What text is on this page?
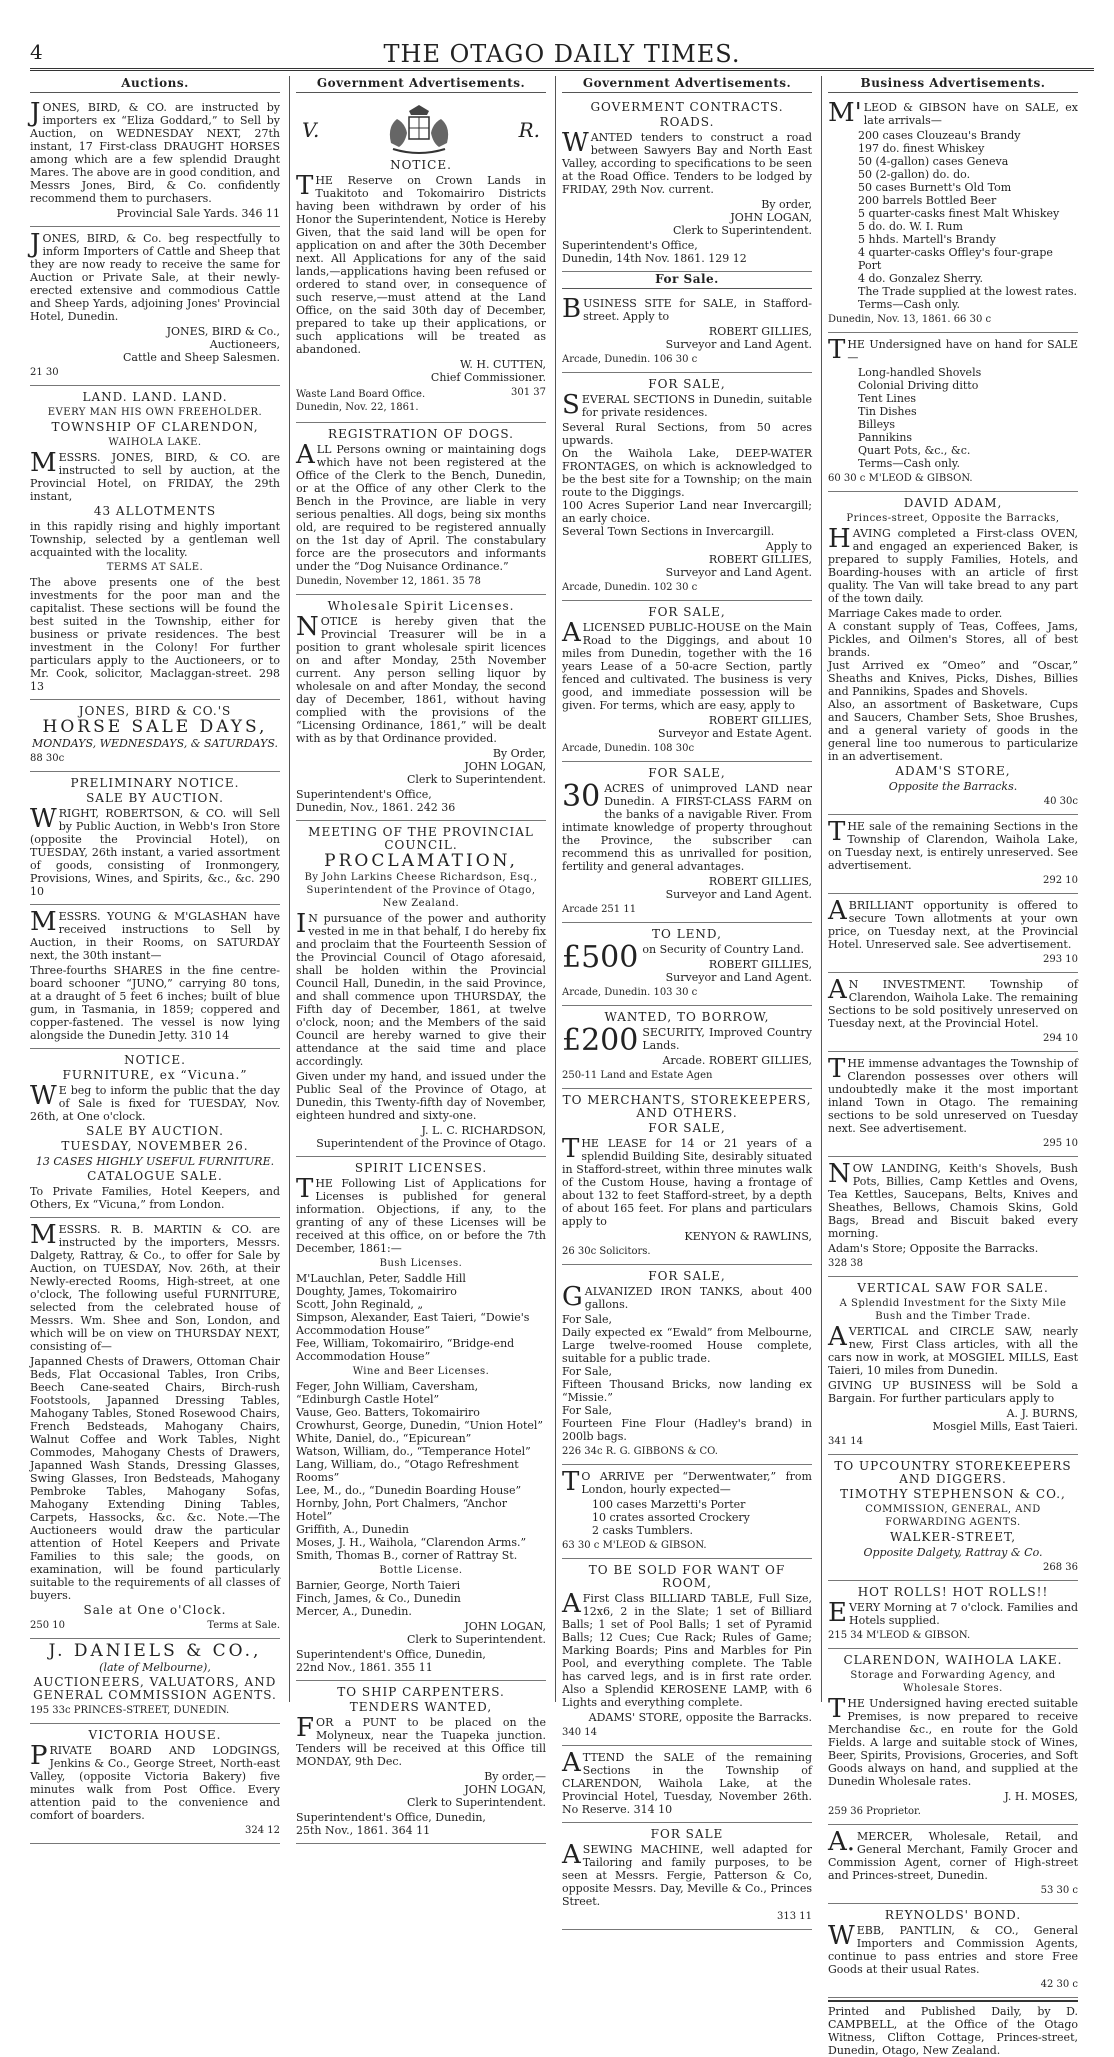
4	THE OTAGO DAILY TIMES.
Auctions.
JONES, BIRD, & CO. are instructed by importers ex “Eliza Goddard,” to Sell by Auction, on WEDNESDAY NEXT, 27th instant, 17 First-class DRAUGHT HORSES among which are a few splendid Draught Mares. The above are in good condition, and Messrs Jones, Bird, & Co. confidently recommend them to purchasers.
Provincial Sale Yards. 346 11
JONES, BIRD, & Co. beg respectfully to inform Importers of Cattle and Sheep that they are now ready to receive the same for Auction or Private Sale, at their newly-erected extensive and commodious Cattle and Sheep Yards, adjoining Jones' Provincial Hotel, Dunedin.
JONES, BIRD & Co.,
Auctioneers,
Cattle and Sheep Salesmen.
21 30
LAND. LAND. LAND.
EVERY MAN HIS OWN FREEHOLDER.
TOWNSHIP OF CLARENDON,
WAIHOLA LAKE.
MESSRS. JONES, BIRD, & CO. are instructed to sell by auction, at the Provincial Hotel, on FRIDAY, the 29th instant,
43 ALLOTMENTS
in this rapidly rising and highly important Township, selected by a gentleman well acquainted with the locality.
TERMS AT SALE.
The above presents one of the best investments for the poor man and the capitalist. These sections will be found the best suited in the Township, either for business or private residences. The best investment in the Colony! For further particulars apply to the Auctioneers, or to Mr. Cook, solicitor, Maclaggan-street. 298 13
JONES, BIRD & CO.'S
HORSE SALE DAYS,
MONDAYS, WEDNESDAYS, & SATURDAYS.
88 30c
PRELIMINARY NOTICE.
SALE BY AUCTION.
WRIGHT, ROBERTSON, & CO. will Sell by Public Auction, in Webb's Iron Store (opposite the Provincial Hotel), on TUESDAY, 26th instant, a varied assortment of goods, consisting of Ironmongery, Provisions, Wines, and Spirits, &c., &c. 290 10
MESSRS. YOUNG & M'GLASHAN have received instructions to Sell by Auction, in their Rooms, on SATURDAY next, the 30th instant—
Three-fourths SHARES in the fine centre-board schooner “JUNO,” carrying 80 tons, at a draught of 5 feet 6 inches; built of blue gum, in Tasmania, in 1859; coppered and copper-fastened. The vessel is now lying alongside the Dunedin Jetty. 310 14
NOTICE.
FURNITURE, ex “Vicuna.”
WE beg to inform the public that the day of Sale is fixed for TUESDAY, Nov. 26th, at One o'clock.
SALE BY AUCTION.
TUESDAY, NOVEMBER 26.
13 CASES HIGHLY USEFUL FURNITURE.
CATALOGUE SALE.
To Private Families, Hotel Keepers, and Others, Ex “Vicuna,” from London.
MESSRS. R. B. MARTIN & CO. are instructed by the importers, Messrs. Dalgety, Rattray, & Co., to offer for Sale by Auction, on TUESDAY, Nov. 26th, at their Newly-erected Rooms, High-street, at one o'clock, The following useful FURNITURE, selected from the celebrated house of Messrs. Wm. Shee and Son, London, and which will be on view on THURSDAY NEXT, consisting of—
Japanned Chests of Drawers, Ottoman Chair Beds, Flat Occasional Tables, Iron Cribs, Beech Cane-seated Chairs, Birch-rush Footstools, Japanned Dressing Tables, Mahogany Tables, Stoned Rosewood Chairs, French Bedsteads, Mahogany Chairs, Walnut Coffee and Work Tables, Night Commodes, Mahogany Chests of Drawers, Japanned Wash Stands, Dressing Glasses, Swing Glasses, Iron Bedsteads, Mahogany Pembroke Tables, Mahogany Sofas, Mahogany Extending Dining Tables, Carpets, Hassocks, &c. &c. Note.—The Auctioneers would draw the particular attention of Hotel Keepers and Private Families to this sale; the goods, on examination, will be found particularly suitable to the requirements of all classes of buyers.
Sale at One o'Clock.
250 10	Terms at Sale.
J. DANIELS & CO.,
(late of Melbourne),
AUCTIONEERS, VALUATORS, AND GENERAL COMMISSION AGENTS.
195 33c PRINCES-STREET, DUNEDIN.
VICTORIA HOUSE.
PRIVATE BOARD AND LODGINGS, Jenkins & Co., George Street, North-east Valley, (opposite Victoria Bakery) five minutes walk from Post Office. Every attention paid to the convenience and comfort of boarders.
324 12
Government Advertisements.
V.	R.
NOTICE.
THE Reserve on Crown Lands in Tuakitoto and Tokomairiro Districts having been withdrawn by order of his Honor the Superintendent, Notice is Hereby Given, that the said land will be open for application on and after the 30th December next. All Applications for any of the said lands,—applications having been refused or ordered to stand over, in consequence of such reserve,—must attend at the Land Office, on the said 30th day of December, prepared to take up their applications, or such applications will be treated as abandoned.
W. H. CUTTEN,
Chief Commissioner.
Waste Land Board Office.
Dunedin, Nov. 22, 1861.
301 37
REGISTRATION OF DOGS.
ALL Persons owning or maintaining dogs which have not been registered at the Office of the Clerk to the Bench, Dunedin, or at the Office of any other Clerk to the Bench in the Province, are liable in very serious penalties. All dogs, being six months old, are required to be registered annually on the 1st day of April. The constabulary force are the prosecutors and informants under the “Dog Nuisance Ordinance.”
Dunedin, November 12, 1861. 35 78
Wholesale Spirit Licenses.
NOTICE is hereby given that the Provincial Treasurer will be in a position to grant wholesale spirit licences on and after Monday, 25th November current. Any person selling liquor by wholesale on and after Monday, the second day of December, 1861, without having complied with the provisions of the “Licensing Ordinance, 1861,” will be dealt with as by that Ordinance provided.
By Order,
JOHN LOGAN,
Clerk to Superintendent.
Superintendent's Office,
Dunedin, Nov., 1861. 242 36
MEETING OF THE PROVINCIAL COUNCIL.
PROCLAMATION,
By John Larkins Cheese Richardson, Esq., Superintendent of the Province of Otago, New Zealand.
IN pursuance of the power and authority vested in me in that behalf, I do hereby fix and proclaim that the Fourteenth Session of the Provincial Council of Otago aforesaid, shall be holden within the Provincial Council Hall, Dunedin, in the said Province, and shall commence upon THURSDAY, the Fifth day of December, 1861, at twelve o'clock, noon; and the Members of the said Council are hereby warned to give their attendance at the said time and place accordingly.
Given under my hand, and issued under the Public Seal of the Province of Otago, at Dunedin, this Twenty-fifth day of November, eighteen hundred and sixty-one.
J. L. C. RICHARDSON,
Superintendent of the Province of Otago.
SPIRIT LICENSES.
THE Following List of Applications for Licenses is published for general information. Objections, if any, to the granting of any of these Licenses will be received at this office, on or before the 7th December, 1861:—
Bush Licenses.
M'Lauchlan, Peter, Saddle Hill
Doughty, James, Tokomairiro
Scott, John Reginald, „
Simpson, Alexander, East Taieri, “Dowie's Accommodation House”
Fee, William, Tokomairiro, “Bridge-end Accommodation House”
Wine and Beer Licenses.
Feger, John William, Caversham, “Edinburgh Castle Hotel”
Vause, Geo. Batters, Tokomairiro
Crowhurst, George, Dunedin, “Union Hotel”
White, Daniel, do., “Epicurean”
Watson, William, do., “Temperance Hotel”
Lang, William, do., “Otago Refreshment Rooms”
Lee, M., do., “Dunedin Boarding House”
Hornby, John, Port Chalmers, “Anchor Hotel”
Griffith, A., Dunedin
Moses, J. H., Waihola, “Clarendon Arms.”
Smith, Thomas B., corner of Rattray St.
Bottle License.
Barnier, George, North Taieri
Finch, James, & Co., Dunedin
Mercer, A., Dunedin.
JOHN LOGAN,
Clerk to Superintendent.
Superintendent's Office, Dunedin,
22nd Nov., 1861. 355 11
TO SHIP CARPENTERS.
TENDERS WANTED,
FOR a PUNT to be placed on the Molyneux, near the Tuapeka junction. Tenders will be received at this Office till MONDAY, 9th Dec.
By order,—
JOHN LOGAN,
Clerk to Superintendent.
Superintendent's Office, Dunedin,
25th Nov., 1861. 364 11
Government Advertisements.
GOVERMENT CONTRACTS.
ROADS.
WANTED tenders to construct a road between Sawyers Bay and North East Valley, according to specifications to be seen at the Road Office. Tenders to be lodged by FRIDAY, 29th Nov. current.
By order,
JOHN LOGAN,
Clerk to Superintendent.
Superintendent's Office,
Dunedin, 14th Nov. 1861. 129 12
For Sale.
BUSINESS SITE for SALE, in Stafford-street. Apply to
ROBERT GILLIES,
Surveyor and Land Agent.
Arcade, Dunedin. 106 30 c
FOR SALE,
SEVERAL SECTIONS in Dunedin, suitable for private residences.
Several Rural Sections, from 50 acres upwards.
On the Waihola Lake, DEEP-WATER FRONTAGES, on which is acknowledged to be the best site for a Township; on the main route to the Diggings.
100 Acres Superior Land near Invercargill; an early choice.
Several Town Sections in Invercargill.
Apply to
ROBERT GILLIES,
Surveyor and Land Agent.
Arcade, Dunedin. 102 30 c
FOR SALE,
ALICENSED PUBLIC-HOUSE on the Main Road to the Diggings, and about 10 miles from Dunedin, together with the 16 years Lease of a 50-acre Section, partly fenced and cultivated. The business is very good, and immediate possession will be given. For terms, which are easy, apply to
ROBERT GILLIES,
Surveyor and Estate Agent.
Arcade, Dunedin. 108 30c
FOR SALE,
30 ACRES of unimproved LAND near Dunedin. A FIRST-CLASS FARM on the banks of a navigable River. From intimate knowledge of property throughout the Province, the subscriber can recommend this as unrivalled for position, fertility and general advantages.
ROBERT GILLIES,
Surveyor and Land Agent.
Arcade 251 11
TO LEND,
£500 on Security of Country Land.
ROBERT GILLIES,
Surveyor and Land Agent.
Arcade, Dunedin. 103 30 c
WANTED, TO BORROW,
£200 SECURITY, Improved Country Lands.
Arcade. ROBERT GILLIES,
250-11 Land and Estate Agen
TO MERCHANTS, STOREKEEPERS, AND OTHERS.
FOR SALE,
THE LEASE for 14 or 21 years of a splendid Building Site, desirably situated in Stafford-street, within three minutes walk of the Custom House, having a frontage of about 132 to feet Stafford-street, by a depth of about 165 feet. For plans and particulars apply to
KENYON & RAWLINS,
26 30c Solicitors.
FOR SALE,
GALVANIZED IRON TANKS, about 400 gallons.
For Sale,
Daily expected ex “Ewald” from Melbourne, Large twelve-roomed House complete, suitable for a public trade.
For Sale,
Fifteen Thousand Bricks, now landing ex “Missie.”
For Sale,
Fourteen Fine Flour (Hadley's brand) in 200lb bags.
226 34c R. G. GIBBONS & CO.
TO ARRIVE per “Derwentwater,” from London, hourly expected—
100 cases Marzetti's Porter
10 crates assorted Crockery
2 casks Tumblers.
63 30 c M'LEOD & GIBSON.
TO BE SOLD FOR WANT OF ROOM,
AFirst Class BILLIARD TABLE, Full Size, 12x6, 2 in the Slate; 1 set of Billiard Balls; 1 set of Pool Balls; 1 set of Pyramid Balls; 12 Cues; Cue Rack; Rules of Game; Marking Boards; Pins and Marbles for Pin Pool, and everything complete. The Table has carved legs, and is in first rate order. Also a Splendid KEROSENE LAMP, with 6 Lights and everything complete.
ADAMS' STORE, opposite the Barracks.
340 14
ATTEND the SALE of the remaining Sections in the Township of CLARENDON, Waihola Lake, at the Provincial Hotel, Tuesday, November 26th. No Reserve. 314 10
FOR SALE
ASEWING MACHINE, well adapted for Tailoring and family purposes, to be seen at Messrs. Fergie, Patterson & Co, opposite Messrs. Day, Meville & Co., Princes Street.
313 11
Business Advertisements.
M'LEOD & GIBSON have on SALE, ex late arrivals—
200 cases Clouzeau's Brandy
197 do. finest Whiskey
50 (4-gallon) cases Geneva
50 (2-gallon) do. do.
50 cases Burnett's Old Tom
200 barrels Bottled Beer
5 quarter-casks finest Malt Whiskey
5 do. do. W. I. Rum
5 hhds. Martell's Brandy
4 quarter-casks Offley's four-grape Port
4 do. Gonzalez Sherry.
The Trade supplied at the lowest rates.
Terms—Cash only.
Dunedin, Nov. 13, 1861. 66 30 c
THE Undersigned have on hand for SALE—
Long-handled Shovels
Colonial Driving ditto
Tent Lines
Tin Dishes
Billeys
Pannikins
Quart Pots, &c., &c.
Terms—Cash only.
60 30 c M'LEOD & GIBSON.
DAVID ADAM,
Princes-street, Opposite the Barracks,
HAVING completed a First-class OVEN, and engaged an experienced Baker, is prepared to supply Families, Hotels, and Boarding-houses with an article of first quality. The Van will take bread to any part of the town daily.
Marriage Cakes made to order.
A constant supply of Teas, Coffees, Jams, Pickles, and Oilmen's Stores, all of best brands.
Just Arrived ex “Omeo” and “Oscar,” Sheaths and Knives, Picks, Dishes, Billies and Pannikins, Spades and Shovels.
Also, an assortment of Basketware, Cups and Saucers, Chamber Sets, Shoe Brushes, and a general variety of goods in the general line too numerous to particularize in an advertisement.
ADAM'S STORE,
Opposite the Barracks.
40 30c
THE sale of the remaining Sections in the Township of Clarendon, Waihola Lake, on Tuesday next, is entirely unreserved. See advertisement.
292 10
ABRILLIANT opportunity is offered to secure Town allotments at your own price, on Tuesday next, at the Provincial Hotel. Unreserved sale. See advertisement.
293 10
AN INVESTMENT. Township of Clarendon, Waihola Lake. The remaining Sections to be sold positively unreserved on Tuesday next, at the Provincial Hotel.
294 10
THE immense advantages the Township of Clarendon possesses over others will undoubtedly make it the most important inland Town in Otago. The remaining sections to be sold unreserved on Tuesday next. See advertisement.
295 10
NOW LANDING, Keith's Shovels, Bush Pots, Billies, Camp Kettles and Ovens, Tea Kettles, Saucepans, Belts, Knives and Sheathes, Bellows, Chamois Skins, Gold Bags, Bread and Biscuit baked every morning.
Adam's Store; Opposite the Barracks.
328 38
VERTICAL SAW FOR SALE.
A Splendid Investment for the Sixty Mile Bush and the Timber Trade.
AVERTICAL and CIRCLE SAW, nearly new, First Class articles, with all the cars now in work, at MOSGIEL MILLS, East Taieri, 10 miles from Dunedin.
GIVING UP BUSINESS will be Sold a Bargain. For further particulars apply to
A. J. BURNS,
Mosgiel Mills, East Taieri.
341 14
TO UPCOUNTRY STOREKEEPERS AND DIGGERS.
TIMOTHY STEPHENSON & CO.,
COMMISSION, GENERAL, AND FORWARDING AGENTS.
WALKER-STREET,
Opposite Dalgety, Rattray & Co.
268 36
HOT ROLLS! HOT ROLLS!!
EVERY Morning at 7 o'clock. Families and Hotels supplied.
215 34 M'LEOD & GIBSON.
CLARENDON, WAIHOLA LAKE.
Storage and Forwarding Agency, and Wholesale Stores.
THE Undersigned having erected suitable Premises, is now prepared to receive Merchandise &c., en route for the Gold Fields. A large and suitable stock of Wines, Beer, Spirits, Provisions, Groceries, and Soft Goods always on hand, and supplied at the Dunedin Wholesale rates.
J. H. MOSES,
259 36 Proprietor.
A.MERCER, Wholesale, Retail, and General Merchant, Family Grocer and Commission Agent, corner of High-street and Princes-street, Dunedin.
53 30 c
REYNOLDS' BOND.
WEBB, PANTLIN, & CO., General Importers and Commission Agents, continue to pass entries and store Free Goods at their usual Rates.
42 30 c
Printed and Published Daily, by D. CAMPBELL, at the Office of the Otago Witness, Clifton Cottage, Princes-street, Dunedin, Otago, New Zealand.
